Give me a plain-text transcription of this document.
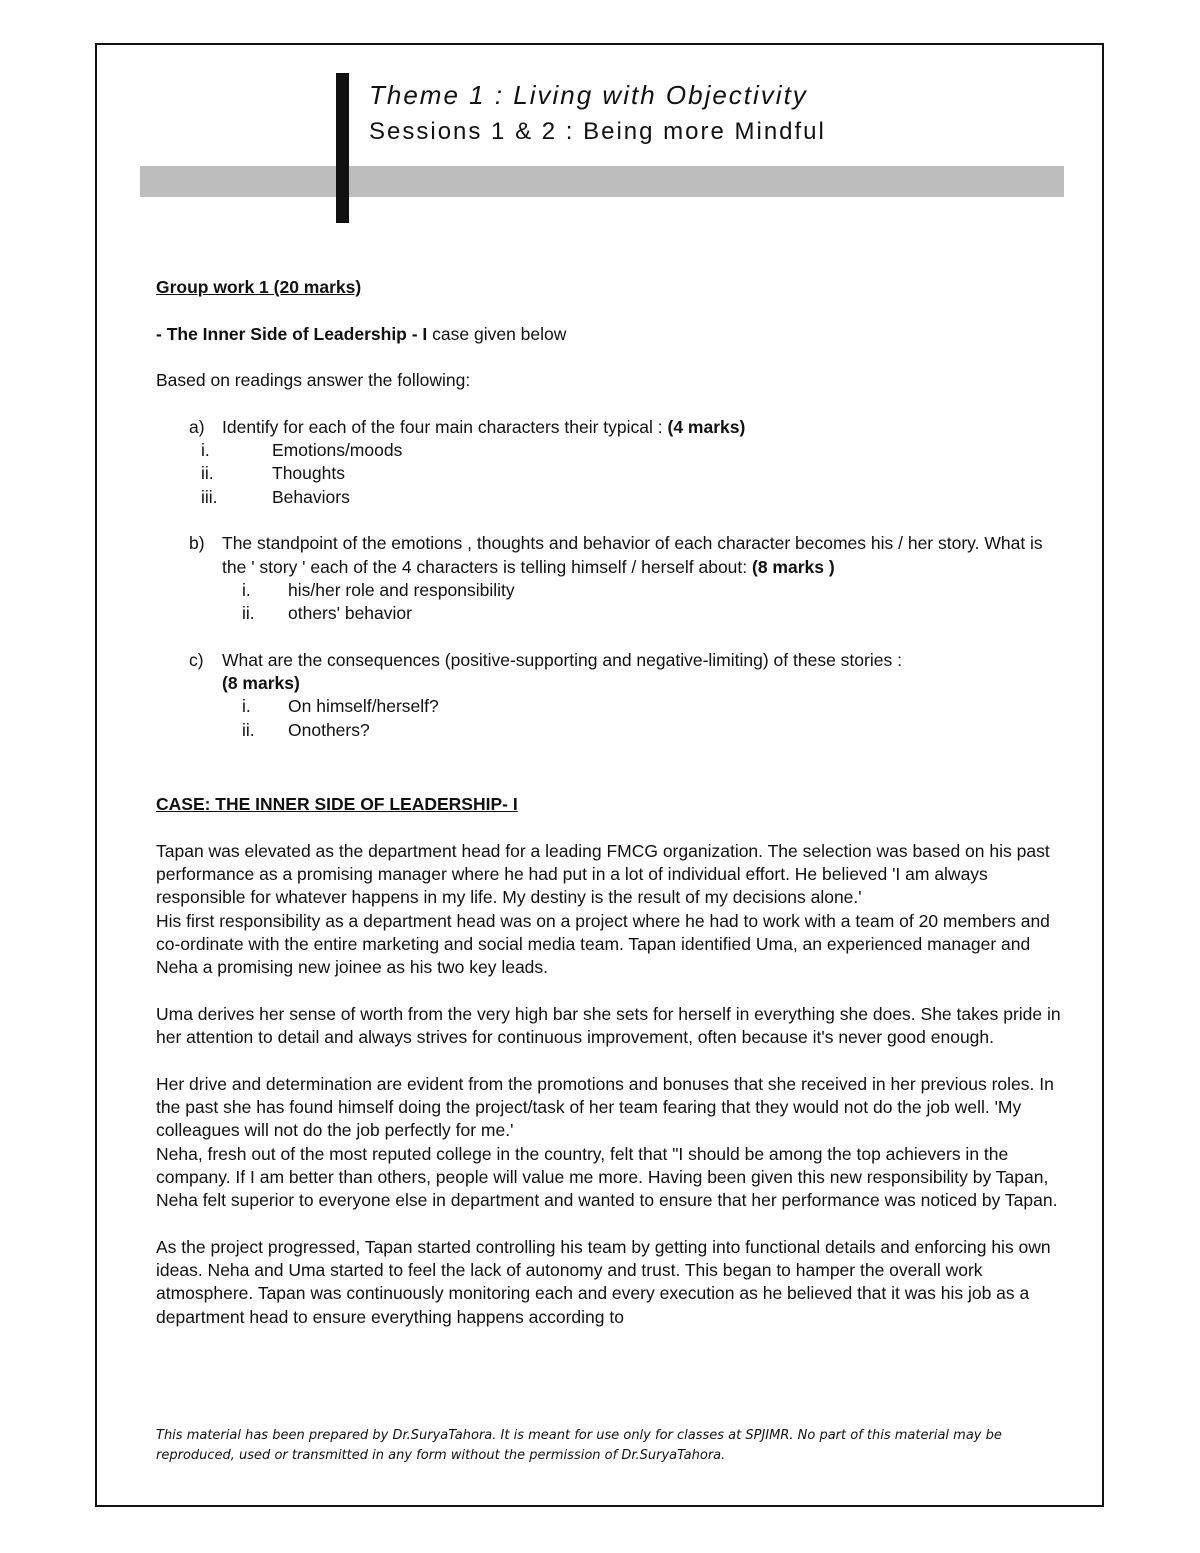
Theme 1 : Living with Objectivity
Sessions 1 & 2 : Being more Mindful

Group work 1 (20 marks)

- The Inner Side of Leadership - I case given below

Based on readings answer the following:

a) Identify for each of the four main characters their typical : (4 marks)
i.	Emotions/moods
ii.	Thoughts
iii.	Behaviors
b) The standpoint of the emotions , thoughts and behavior of each character becomes his / her story. What is the ' story ' each of the 4 characters is telling himself / herself about: (8 marks )
i.	his/her role and responsibility
ii.	others' behavior
c)	What are the consequences (positive-supporting and negative-limiting) of these stories :
(8 marks)
i.	On himself/herself?
ii.	Onothers?

CASE: THE INNER SIDE OF LEADERSHIP- I

Tapan was elevated as the department head for a leading FMCG organization. The selection was based on his past performance as a promising manager where he had put in a lot of individual effort. He believed 'I am always responsible for whatever happens in my life. My destiny is the result of my decisions alone.'

His first responsibility as a department head was on a project where he had to work with a team of 20 members and co-ordinate with the entire marketing and social media team. Tapan identified Uma, an experienced manager and Neha a promising new joinee as his two key leads.

Uma derives her sense of worth from the very high bar she sets for herself in everything she does. She takes pride in her attention to detail and always strives for continuous improvement, often because it's never good enough.

Her drive and determination are evident from the promotions and bonuses that she received in her previous roles. In the past she has found himself doing the project/task of her team fearing that they would not do the job well. 'My colleagues will not do the job perfectly for me.'

Neha, fresh out of the most reputed college in the country, felt that "I should be among the top achievers in the company. If I am better than others, people will value me more. Having been given this new responsibility by Tapan, Neha felt superior to everyone else in department and wanted to ensure that her performance was noticed by Tapan.

As the project progressed, Tapan started controlling his team by getting into functional details and enforcing his own ideas. Neha and Uma started to feel the lack of autonomy and trust. This began to hamper the overall work atmosphere. Tapan was continuously monitoring each and every execution as he believed that it was his job as a department head to ensure everything happens according to

This material has been prepared by Dr.SuryaTahora. It is meant for use only for classes at SPJIMR. No part of this material may be reproduced, used or transmitted in any form without the permission of Dr.SuryaTahora.
